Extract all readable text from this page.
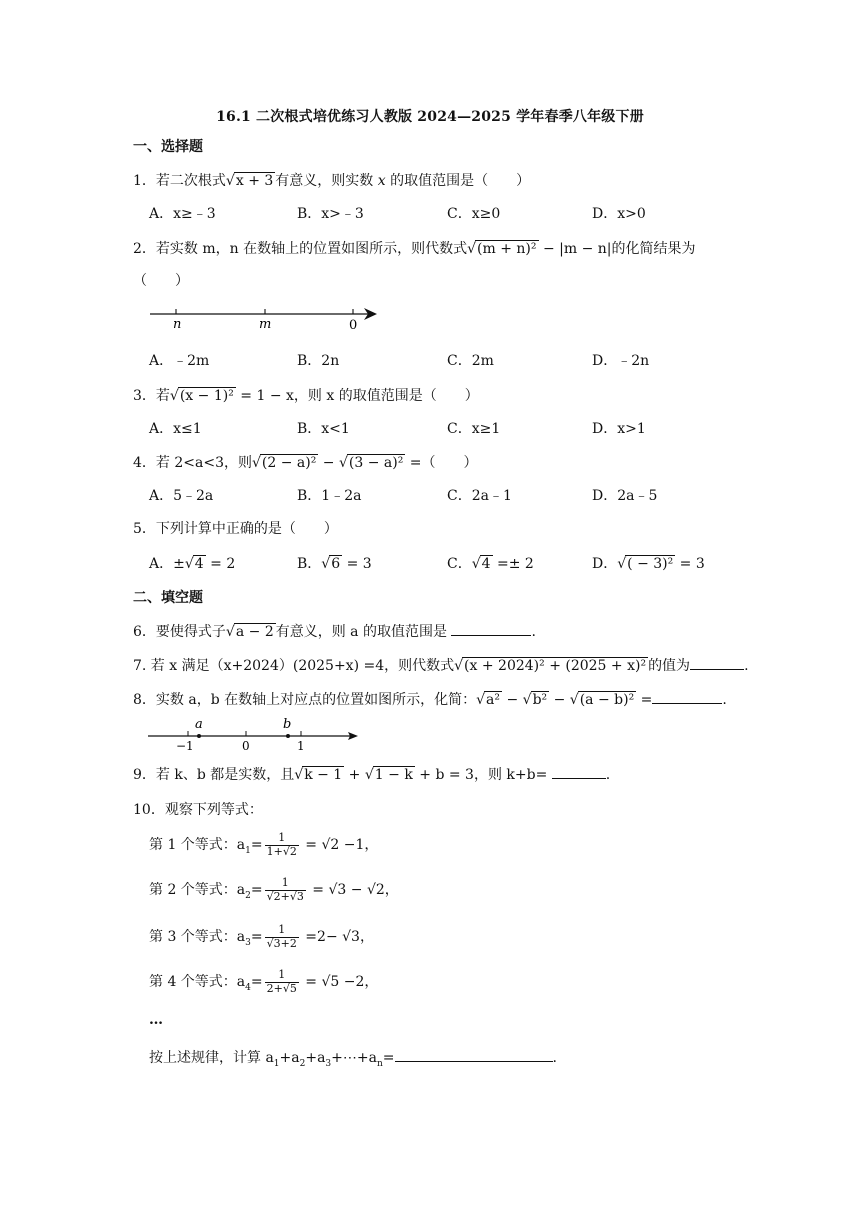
16.1 二次根式培优练习人教版 2024—2025 学年春季八年级下册
一、选择题
1．若二次根式√x + 3 有意义，则实数 x 的取值范围是（　　）
A．x≥﹣3	B．x>﹣3	C．x≥0	D．x>0
2．若实数 m，n 在数轴上的位置如图所示，则代数式√(m + n)² − |m − n|的化简结果为
（　　）
n	m	0
A．﹣2m	B．2n	C．2m	D．﹣2n
3．若√(x − 1)² = 1 − x，则 x 的取值范围是（　　）
A．x≤1	B．x<1	C．x≥1	D．x>1
4．若 2<a<3，则√(2 − a)² − √(3 − a)² =（　　）
A．5﹣2a	B．1﹣2a	C．2a﹣1	D．2a﹣5
5．下列计算中正确的是（　　）
A．±√4 = 2	B．√6 = 3	C．√4 =± 2	D．√( − 3)² = 3
二、填空题
6．要使得式子√a − 2 有意义，则 a 的取值范围是	.
7. 若 x 满足（x+2024）(2025+x) =4，则代数式√(x + 2024)² + (2025 + x)² 的值为	.
8．实数 a，b 在数轴上对应点的位置如图所示，化简：√a² − √b² − √(a − b)² =	.
a	b
−1	0	1
9．若 k、b 都是实数，且√k − 1 + √1 − k + b = 3，则 k+b=	.
10．观察下列等式：
第 1 个等式：$a_1= \frac{1}{1+√2} = √2 -1$，
第 2 个等式：$a_2= \frac{1}{√2+√3} = √3 - √2$，
第 3 个等式：$a_3= \frac{1}{√3+2} =2- √3$，
第 4 个等式：$a_4= \frac{1}{2+√5} = √5 -2$，
…
按上述规律，计算 $a_1+a_2+a_3+\cdots+a_n=$	.
